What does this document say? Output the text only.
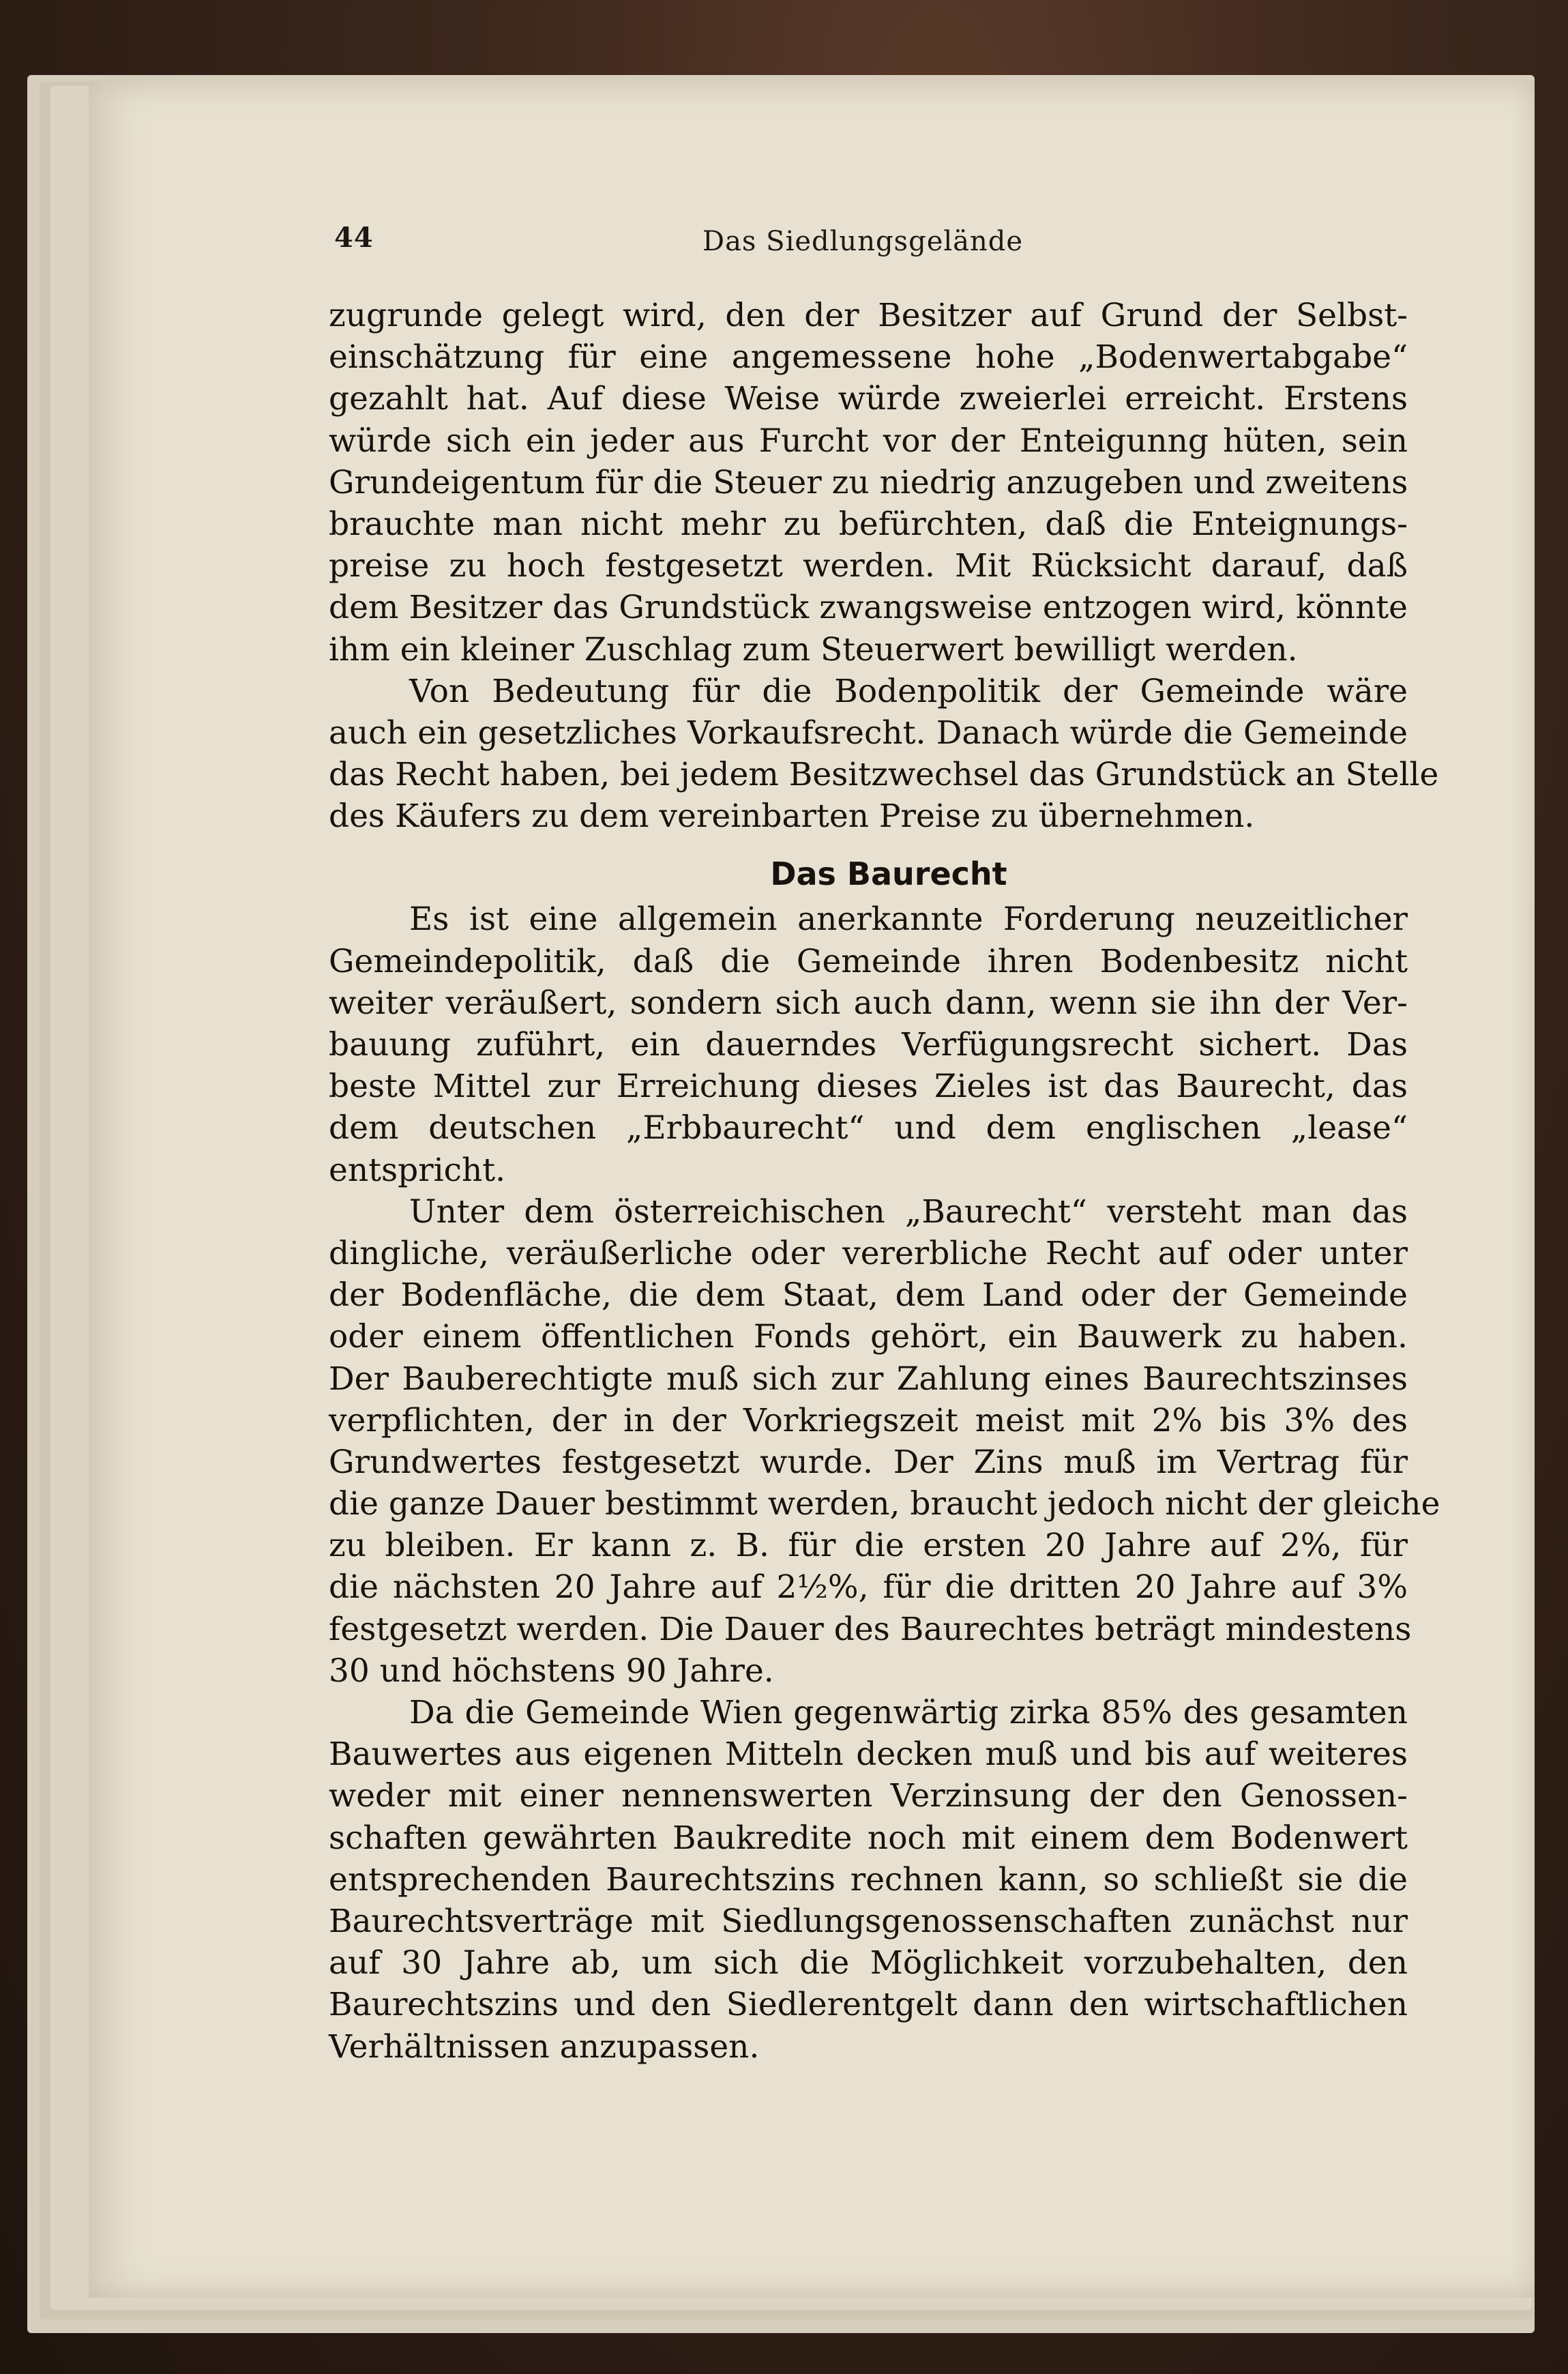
44	Das Siedlungsgelände
zugrunde gelegt wird, den der Besitzer auf Grund der Selbst-
einschätzung für eine angemessene hohe „Bodenwertabgabe“
gezahlt hat. Auf diese Weise würde zweierlei erreicht. Erstens
würde sich ein jeder aus Furcht vor der Enteigunng hüten, sein
Grundeigentum für die Steuer zu niedrig anzugeben und zweitens
brauchte man nicht mehr zu befürchten, daß die Enteignungs-
preise zu hoch festgesetzt werden. Mit Rücksicht darauf, daß
dem Besitzer das Grundstück zwangsweise entzogen wird, könnte
ihm ein kleiner Zuschlag zum Steuerwert bewilligt werden.
Von Bedeutung für die Bodenpolitik der Gemeinde wäre
auch ein gesetzliches Vorkaufsrecht. Danach würde die Gemeinde
das Recht haben, bei jedem Besitzwechsel das Grundstück an Stelle
des Käufers zu dem vereinbarten Preise zu übernehmen.
Das Baurecht
Es ist eine allgemein anerkannte Forderung neuzeitlicher
Gemeindepolitik, daß die Gemeinde ihren Bodenbesitz nicht
weiter veräußert, sondern sich auch dann, wenn sie ihn der Ver-
bauung zuführt, ein dauerndes Verfügungsrecht sichert. Das
beste Mittel zur Erreichung dieses Zieles ist das Baurecht, das
dem deutschen „Erbbaurecht“ und dem englischen „lease“
entspricht.
Unter dem österreichischen „Baurecht“ versteht man das
dingliche, veräußerliche oder vererbliche Recht auf oder unter
der Bodenfläche, die dem Staat, dem Land oder der Gemeinde
oder einem öffentlichen Fonds gehört, ein Bauwerk zu haben.
Der Bauberechtigte muß sich zur Zahlung eines Baurechtszinses
verpflichten, der in der Vorkriegszeit meist mit 2% bis 3% des
Grundwertes festgesetzt wurde. Der Zins muß im Vertrag für
die ganze Dauer bestimmt werden, braucht jedoch nicht der gleiche
zu bleiben. Er kann z. B. für die ersten 20 Jahre auf 2%, für
die nächsten 20 Jahre auf 2½%, für die dritten 20 Jahre auf 3%
festgesetzt werden. Die Dauer des Baurechtes beträgt mindestens
30 und höchstens 90 Jahre.
Da die Gemeinde Wien gegenwärtig zirka 85% des gesamten
Bauwertes aus eigenen Mitteln decken muß und bis auf weiteres
weder mit einer nennenswerten Verzinsung der den Genossen-
schaften gewährten Baukredite noch mit einem dem Bodenwert
entsprechenden Baurechtszins rechnen kann, so schließt sie die
Baurechtsverträge mit Siedlungsgenossenschaften zunächst nur
auf 30 Jahre ab, um sich die Möglichkeit vorzubehalten, den
Baurechtszins und den Siedlerentgelt dann den wirtschaftlichen
Verhältnissen anzupassen.
